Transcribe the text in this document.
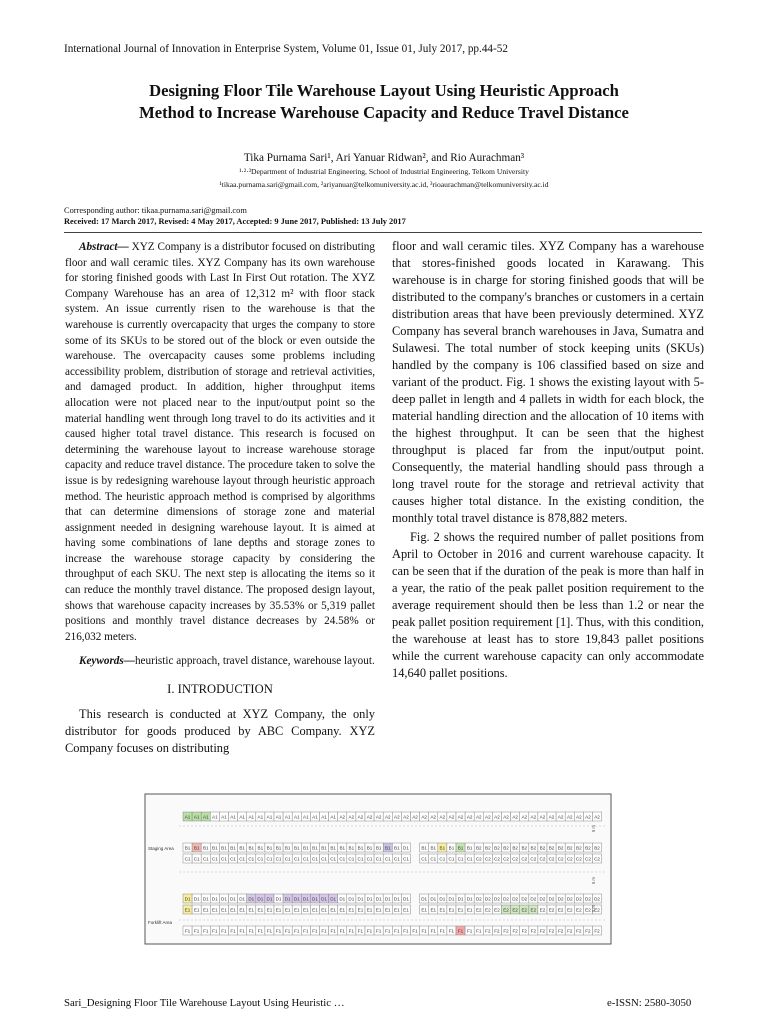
International Journal of Innovation in Enterprise System, Volume 01, Issue 01, July 2017, pp.44-52
Designing Floor Tile Warehouse Layout Using Heuristic Approach
Method to Increase Warehouse Capacity and Reduce Travel Distance
Tika Purnama Sari¹, Ari Yanuar Ridwan², and Rio Aurachman³
¹·²·³Department of Industrial Engineering, School of Industrial Engineering, Telkom University
¹tikaa.purnama.sari@gmail.com, ²ariyanuar@telkomuniversity.ac.id, ³rioaurachman@telkomuniversity.ac.id
Corresponding author: tikaa.purnama.sari@gmail.com
Received: 17 March 2017, Revised: 4 May 2017, Accepted: 9 June 2017, Published: 13 July 2017

Abstract— XYZ Company is a distributor focused on distributing floor and wall ceramic tiles. XYZ Company has its own warehouse for storing finished goods with Last In First Out rotation. The XYZ Company Warehouse has an area of 12,312 m² with floor stack system. An issue currently risen to the warehouse is that the warehouse is currently overcapacity that urges the company to store some of its SKUs to be stored out of the block or even outside the warehouse. The overcapacity causes some problems including accessibility problem, distribution of storage and retrieval activities, and damaged product. In addition, higher throughput items allocation were not placed near to the input/output point so the material handling went through long travel to do its activities and it caused higher total travel distance. This research is focused on determining the warehouse layout to increase warehouse storage capacity and reduce travel distance. The procedure taken to solve the issue is by redesigning warehouse layout through heuristic approach method. The heuristic approach method is comprised by algorithms that can determine dimensions of storage zone and material assignment needed in designing warehouse layout. It is aimed at having some combinations of lane depths and storage zones to increase the warehouse storage capacity by considering the throughput of each SKU. The next step is allocating the items so it can reduce the monthly travel distance. The proposed design layout, shows that warehouse capacity increases by 35.53% or 5,319 pallet positions and monthly travel distance decreases by 24.58% or 216,032 meters.

Keywords—heuristic approach, travel distance, warehouse layout.

I. INTRODUCTION

This research is conducted at XYZ Company, the only distributor for goods produced by ABC Company. XYZ Company focuses on distributing

floor and wall ceramic tiles. XYZ Company has a warehouse that stores-finished goods located in Karawang. This warehouse is in charge for storing finished goods that will be distributed to the company's branches or customers in a certain distribution areas that have been previously determined. XYZ Company has several branch warehouses in Java, Sumatra and Sulawesi. The total number of stock keeping units (SKUs) handled by the company is 106 classified based on size and variant of the product. Fig. 1 shows the existing layout with 5-deep pallet in length and 4 pallets in width for each block, the material handling direction and the allocation of 10 items with the highest throughput. It can be seen that the highest throughput is placed far from the input/output point. Consequently, the material handling should pass through a long travel route for the storage and retrieval activity that causes higher total distance. In the existing condition, the monthly total travel distance is 878,882 meters.

Fig. 2 shows the required number of pallet positions from April to October in 2016 and current warehouse capacity. It can be seen that if the duration of the peak is more than half in a year, the ratio of the peak pallet position requirement to the average requirement should then be less than 1.2 or near the peak pallet position requirement [1]. Thus, with this condition, the warehouse at least has to store 19,843 pallet positions while the current warehouse capacity can only accommodate 14,640 pallet positions.

A1 A1 A1 A1 A1 A1 A1 A1 A1 A1 A1 A1 A1 A1 A1 A1 A1 A2 A2 A2 A2 A2 A2 A2 A2 A2 A2 A2 A2 A2 A2 A2 A2 A2 A2 A2 A2 A2 A2 A2 A2 A2 A2 A2 A2 A2
B1 B1 B1 B1 B1 B1 B1 B1 B1 B1 B1 B1 B1 B1 B1 B1 B1 B1 B1 B1 B1 B1 B1 B1 D1	B1 B1 B1 B1 B1 B1 B2 B2 B2 B2 B2 B2 B2 B2 B2 B2 B2 B2 B2 B2
C1 C1 C1 C1 C1 C1 C1 C1 C1 C1 C1 C1 C1 C1 C1 C1 C1 C1 C1 C1 C1 C1 C1 C1 C1	C1 C1 C1 C1 C1 C1 C2 C2 C2 C2 C2 C2 C2 C2 C2 C2 C2 C2 C2 C2
D1 D1 D1 D1 D1 D1 D1 D1 D1 D1 D1 D1 D1 D1 D1 D1 D1 D1 D1 D1 D1 D1 D1 D1 D1	D1 D1 D1 D1 D1 D1 D2 D2 D2 D2 D2 D2 D2 D2 D2 D2 D2 D2 D2 D2
E1 E1 E1 E1 E1 E1 E1 E1 E1 E1 E1 E1 E1 E1 E1 E1 E1 E1 E1 E1 E1 E1 E1 E1 E1	E1 E1 E1 E1 E1 E1 E2 E2 E2 E2 E2 E2 E2 E2 E2 E2 E2 E2 E2 E2
F1 F1 F1 F1 F1 F1 F1 F1 F1 F1 F1 F1 F1 F1 F1 F1 F1 F1 F1 F1 F1 F1 F1 F1 F1 F1 F1 F1 F1 F1 F1 F1 F1 F2 F2 F2 F2 F2 F2 F2 F2 F2 F2 F2 F2 F2
Staging Area
Forklift Area
5 m
5 m
5 m
Sari_Designing Floor Tile Warehouse Layout Using Heuristic …	e-ISSN: 2580-3050
